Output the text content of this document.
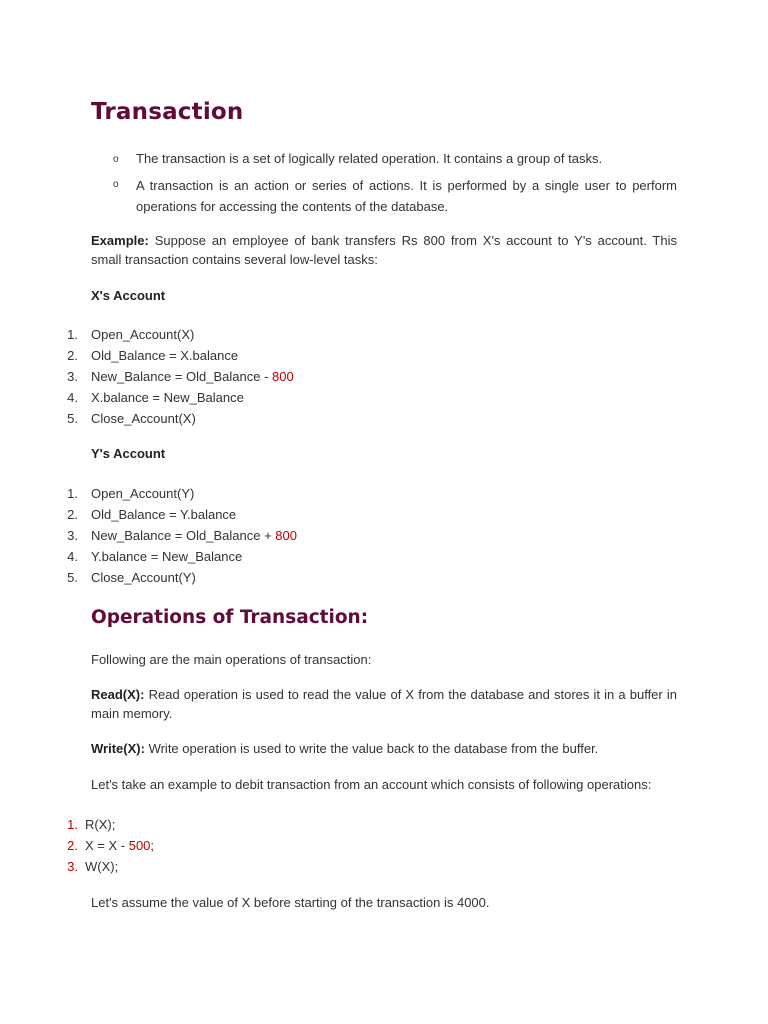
Transaction
o The transaction is a set of logically related operation. It contains a group of tasks.

o A transaction is an action or series of actions. It is performed by a single user to perform operations for accessing the contents of the database.

Example: Suppose an employee of bank transfers Rs 800 from X's account to Y's account. This small transaction contains several low-level tasks:

X's Account
1. Open_Account(X)
2. Old_Balance = X.balance
3. New_Balance = Old_Balance - 800
4. X.balance = New_Balance
5. Close_Account(X)
Y's Account
1. Open_Account(Y)
2. Old_Balance = Y.balance
3. New_Balance = Old_Balance + 800
4. Y.balance = New_Balance
5. Close_Account(Y)
Operations of Transaction:

Following are the main operations of transaction:

Read(X): Read operation is used to read the value of X from the database and stores it in a buffer in main memory.

Write(X): Write operation is used to write the value back to the database from the buffer.

Let's take an example to debit transaction from an account which consists of following operations:

1. R(X);
2. X = X - 500;
3. W(X);

Let's assume the value of X before starting of the transaction is 4000.
